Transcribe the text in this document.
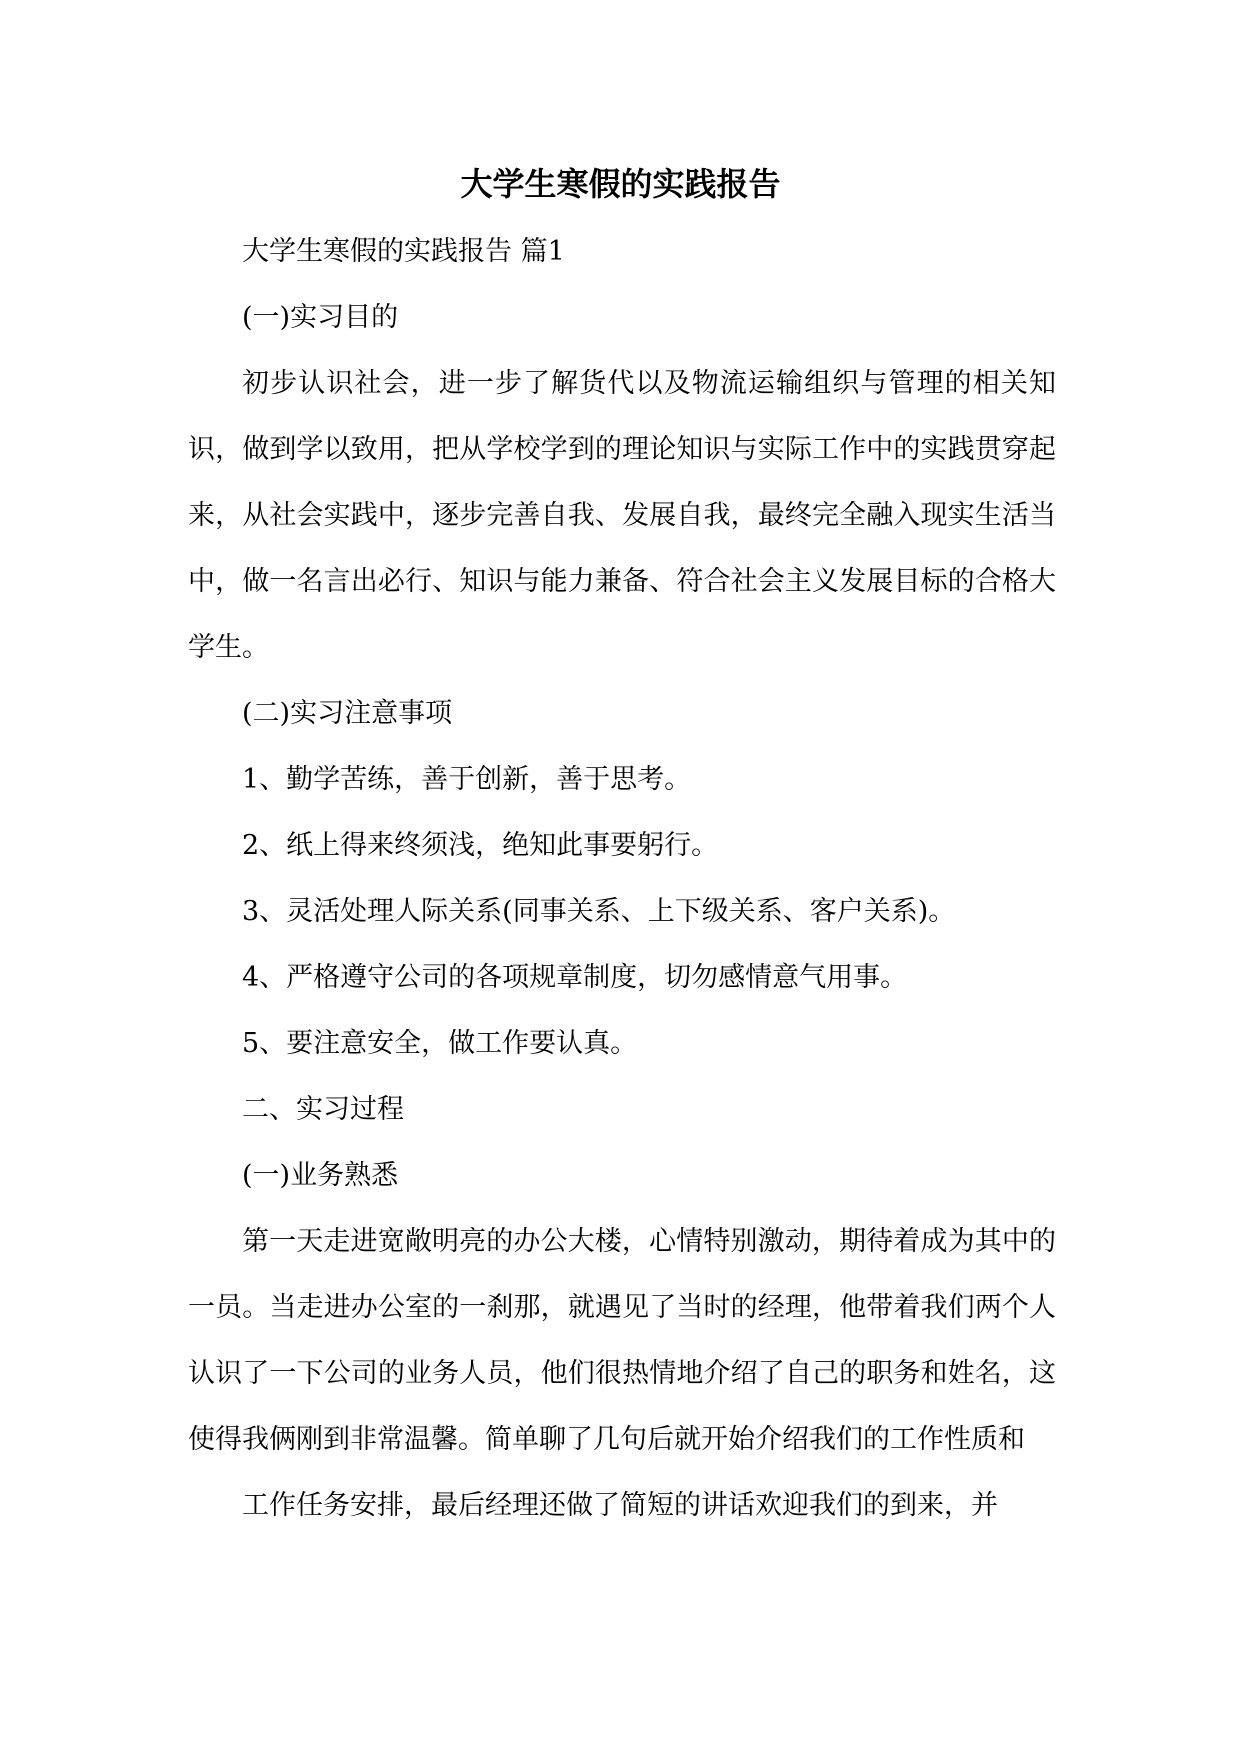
大学生寒假的实践报告

大学生寒假的实践报告 篇1

(一)实习目的

初步认识社会，进一步了解货代以及物流运输组织与管理的相关知识，做到学以致用，把从学校学到的理论知识与实际工作中的实践贯穿起来，从社会实践中，逐步完善自我、发展自我，最终完全融入现实生活当中，做一名言出必行、知识与能力兼备、符合社会主义发展目标的合格大学生。

(二)实习注意事项

1、勤学苦练，善于创新，善于思考。

2、纸上得来终须浅，绝知此事要躬行。

3、灵活处理人际关系(同事关系、上下级关系、客户关系)。

4、严格遵守公司的各项规章制度，切勿感情意气用事。

5、要注意安全，做工作要认真。

二、实习过程

(一)业务熟悉

第一天走进宽敞明亮的办公大楼，心情特别激动，期待着成为其中的一员。当走进办公室的一刹那，就遇见了当时的经理，他带着我们两个人认识了一下公司的业务人员，他们很热情地介绍了自己的职务和姓名，这使得我俩刚到非常温馨。简单聊了几句后就开始介绍我们的工作性质和

工作任务安排，最后经理还做了简短的讲话欢迎我们的到来，并
